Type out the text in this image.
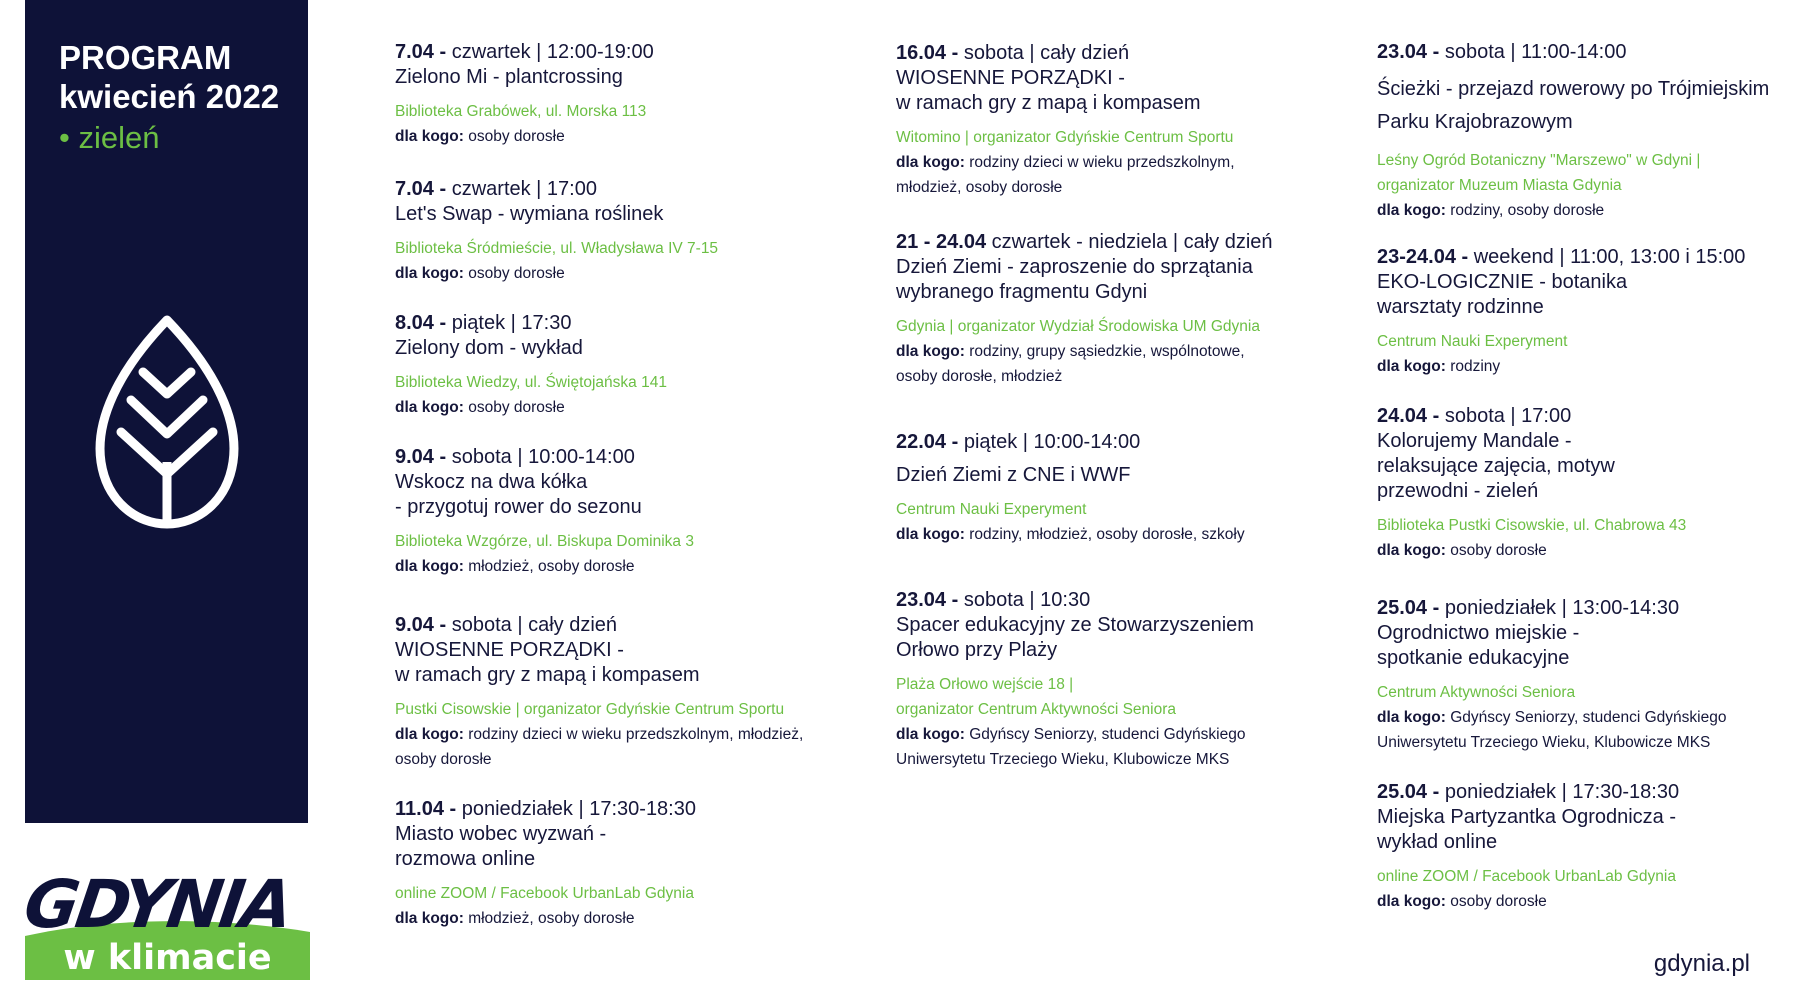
PROGRAM
kwiecień 2022
• zieleń
GDYNIA
w klimacie
7.04 - czwartek | 12:00-19:00
Zielono Mi - plantcrossing
Biblioteka Grabówek, ul. Morska 113
dla kogo: osoby dorosłe
7.04 - czwartek | 17:00
Let's Swap - wymiana roślinek
Biblioteka Śródmieście, ul. Władysława IV 7-15
dla kogo: osoby dorosłe
8.04 - piątek | 17:30
Zielony dom - wykład
Biblioteka Wiedzy, ul. Świętojańska 141
dla kogo: osoby dorosłe
9.04 - sobota | 10:00-14:00
Wskocz na dwa kółka
- przygotuj rower do sezonu
Biblioteka Wzgórze, ul. Biskupa Dominika 3
dla kogo: młodzież, osoby dorosłe
9.04 - sobota | cały dzień
WIOSENNE PORZĄDKI -
w ramach gry z mapą i kompasem
Pustki Cisowskie | organizator Gdyńskie Centrum Sportu
dla kogo: rodziny dzieci w wieku przedszkolnym, młodzież,
osoby dorosłe
11.04 - poniedziałek | 17:30-18:30
Miasto wobec wyzwań -
rozmowa online
online ZOOM / Facebook UrbanLab Gdynia
dla kogo: młodzież, osoby dorosłe
16.04 - sobota | cały dzień
WIOSENNE PORZĄDKI -
w ramach gry z mapą i kompasem
Witomino | organizator Gdyńskie Centrum Sportu
dla kogo: rodziny dzieci w wieku przedszkolnym,
młodzież, osoby dorosłe
21 - 24.04 czwartek - niedziela | cały dzień
Dzień Ziemi - zaproszenie do sprzątania
wybranego fragmentu Gdyni
Gdynia | organizator Wydział Środowiska UM Gdynia
dla kogo: rodziny, grupy sąsiedzkie, wspólnotowe,
osoby dorosłe, młodzież
22.04 - piątek | 10:00-14:00
Dzień Ziemi z CNE i WWF
Centrum Nauki Experyment
dla kogo: rodziny, młodzież, osoby dorosłe, szkoły
23.04 - sobota | 10:30
Spacer edukacyjny ze Stowarzyszeniem
Orłowo przy Plaży
Plaża Orłowo wejście 18 |
organizator Centrum Aktywności Seniora
dla kogo: Gdyńscy Seniorzy, studenci Gdyńskiego
Uniwersytetu Trzeciego Wieku, Klubowicze MKS
23.04 - sobota | 11:00-14:00
Ścieżki - przejazd rowerowy po Trójmiejskim
Parku Krajobrazowym
Leśny Ogród Botaniczny "Marszewo" w Gdyni |
organizator Muzeum Miasta Gdynia
dla kogo: rodziny, osoby dorosłe
23-24.04 - weekend | 11:00, 13:00 i 15:00
EKO-LOGICZNIE - botanika
warsztaty rodzinne
Centrum Nauki Experyment
dla kogo: rodziny
24.04 - sobota | 17:00
Kolorujemy Mandale -
relaksujące zajęcia, motyw
przewodni - zieleń
Biblioteka Pustki Cisowskie, ul. Chabrowa 43
dla kogo: osoby dorosłe
25.04 - poniedziałek | 13:00-14:30
Ogrodnictwo miejskie -
spotkanie edukacyjne
Centrum Aktywności Seniora
dla kogo: Gdyńscy Seniorzy, studenci Gdyńskiego
Uniwersytetu Trzeciego Wieku, Klubowicze MKS
25.04 - poniedziałek | 17:30-18:30
Miejska Partyzantka Ogrodnicza -
wykład online
online ZOOM / Facebook UrbanLab Gdynia
dla kogo: osoby dorosłe
gdynia.pl
